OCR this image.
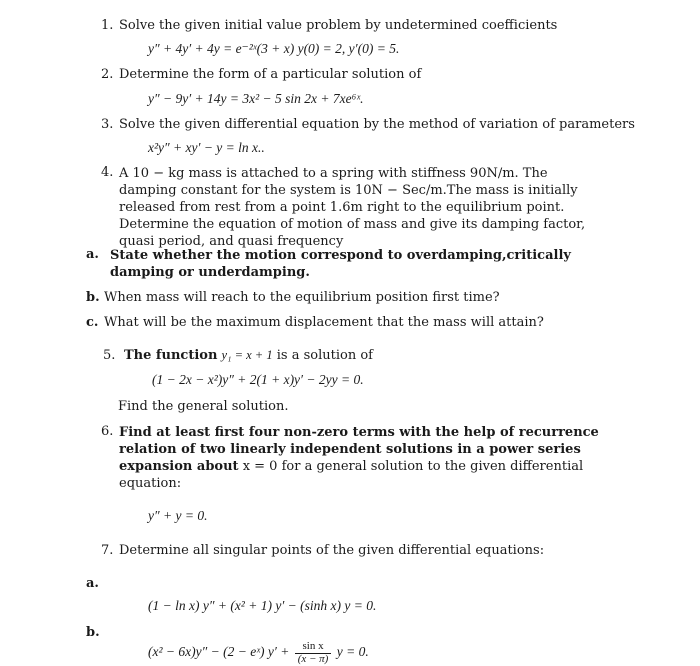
1. Solve the given initial value problem by undetermined coefficients
y″ + 4y′ + 4y = e⁻²ˣ(3 + x) y(0) = 2, y′(0) = 5.
2. Determine the form of a particular solution of
y″ − 9y′ + 14y = 3x² − 5 sin 2x + 7xe⁶ˣ.
3. Solve the given differential equation by the method of variation of parameters
x²y″ + xy′ − y = ln x..
4. A 10 − kg mass is attached to a spring with stiffness 90N/m. The damping constant for the system is 10N − Sec/m.The mass is initially released from rest from a point 1.6m right to the equilibrium point. Determine the equation of motion of mass and give its damping factor, quasi period, and quasi frequency
a. State whether the motion correspond to overdamping,critically damping or underdamping.
b. When mass will reach to the equilibrium position first time?
c. What will be the maximum displacement that the mass will attain?
5. The function y₁ = x + 1 is a solution of
(1 − 2x − x²)y″ + 2(1 + x)y′ − 2yy = 0.
Find the general solution.
6. Find at least first four non-zero terms with the help of recurrence relation of two linearly independent solutions in a power series expansion about x = 0 for a general solution to the given differential equation:
y″ + y = 0.
7. Determine all singular points of the given differential equations:
a.
(1 − ln x) y″ + (x² + 1) y′ − (sinh x) y = 0.
b.
(x² − 6x)y″ − (2 − eˣ) $y' + \frac{\text{sin x}}{(x - \pi)}$ y = 0.
